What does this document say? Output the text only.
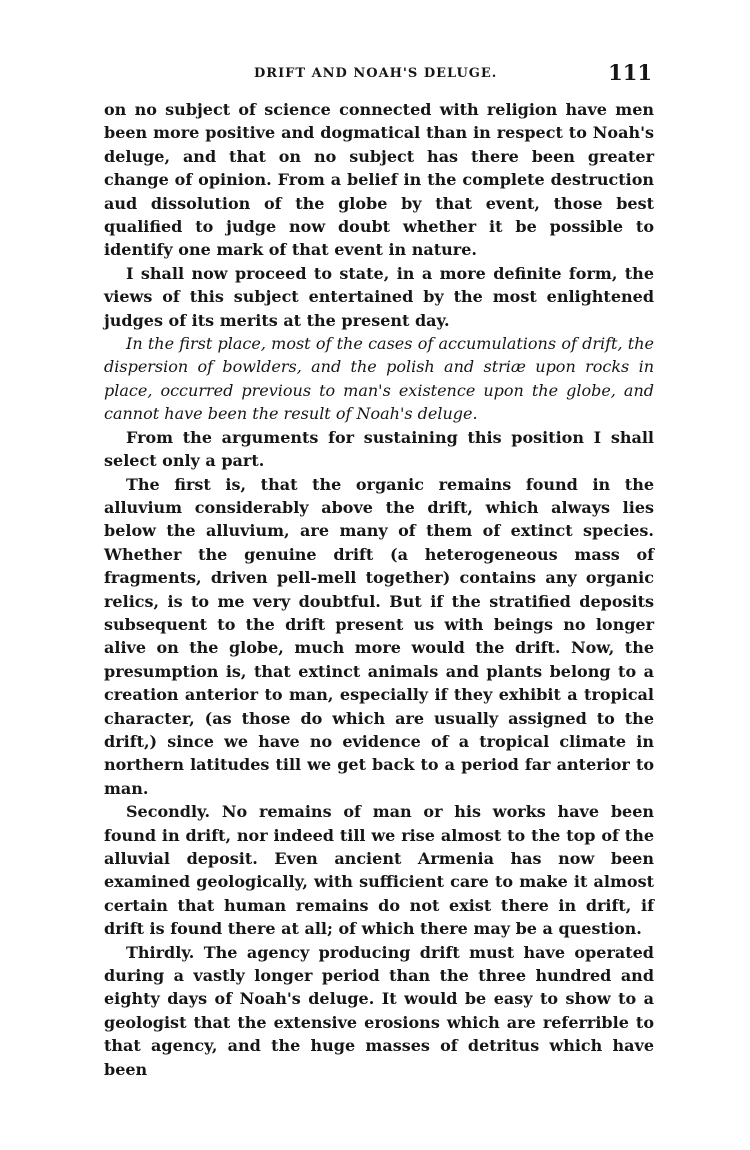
DRIFT AND NOAH'S DELUGE.	111

on no subject of science connected with religion have men been more positive and dogmatical than in respect to Noah's deluge, and that on no subject has there been greater change of opinion. From a belief in the complete destruction aud dissolution of the globe by that event, those best qualified to judge now doubt whether it be possible to identify one mark of that event in nature.

I shall now proceed to state, in a more definite form, the views of this subject entertained by the most enlightened judges of its merits at the present day.

In the first place, most of the cases of accumulations of drift, the dispersion of bowlders, and the polish and striæ upon rocks in place, occurred previous to man's existence upon the globe, and cannot have been the result of Noah's deluge.

From the arguments for sustaining this position I shall select only a part.

The first is, that the organic remains found in the alluvium considerably above the drift, which always lies below the alluvium, are many of them of extinct species. Whether the genuine drift (a heterogeneous mass of fragments, driven pell-mell together) contains any organic relics, is to me very doubtful. But if the stratified deposits subsequent to the drift present us with beings no longer alive on the globe, much more would the drift. Now, the presumption is, that extinct animals and plants belong to a creation anterior to man, especially if they exhibit a tropical character, (as those do which are usually assigned to the drift,) since we have no evidence of a tropical climate in northern latitudes till we get back to a period far anterior to man.

Secondly. No remains of man or his works have been found in drift, nor indeed till we rise almost to the top of the alluvial deposit. Even ancient Armenia has now been examined geologically, with sufficient care to make it almost certain that human remains do not exist there in drift, if drift is found there at all; of which there may be a question.

Thirdly. The agency producing drift must have operated during a vastly longer period than the three hundred and eighty days of Noah's deluge. It would be easy to show to a geologist that the extensive erosions which are referrible to that agency, and the huge masses of detritus which have been
